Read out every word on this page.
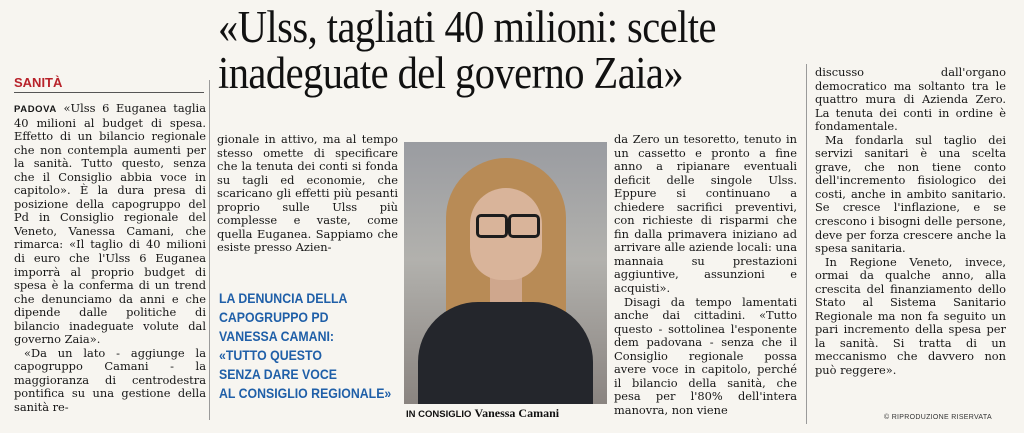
«Ulss, tagliati 40 milioni: scelte
inadeguate del governo Zaia»
SANITÀ

PADOVA «Ulss 6 Euganea taglia 40 milioni al budget di spesa. Effetto di un bilancio regionale che non contempla aumenti per la sanità. Tutto questo, senza che il Consiglio abbia voce in capitolo». È la dura presa di posizione della capogruppo del Pd in Consiglio regionale del Veneto, Vanessa Camani, che rimarca: «Il taglio di 40 milioni di euro che l'Ulss 6 Euganea imporrà al proprio budget di spesa è la conferma di un trend che denunciamo da anni e che dipende dalle politiche di bilancio inadeguate volute dal governo Zaia».

«Da un lato - aggiunge la capogruppo Camani - la maggioranza di centrodestra pontifica su una gestione della sanità re-

gionale in attivo, ma al tempo stesso omette di specificare che la tenuta dei conti si fonda su tagli ed economie, che scaricano gli effetti più pesanti proprio sulle Ulss più complesse e vaste, come quella Euganea. Sappiamo che esiste presso Azien-

LA DENUNCIA DELLA
CAPOGRUPPO PD
VANESSA CAMANI:
«TUTTO QUESTO
SENZA DARE VOCE
AL CONSIGLIO REGIONALE»
IN CONSIGLIO Vanessa Camani

da Zero un tesoretto, tenuto in un cassetto e pronto a fine anno a ripianare eventuali deficit delle singole Ulss. Eppure si continuano a chiedere sacrifici preventivi, con richieste di risparmi che fin dalla primavera iniziano ad arrivare alle aziende locali: una mannaia su prestazioni aggiuntive, assunzioni e acquisti».

Disagi da tempo lamentati anche dai cittadini. «Tutto questo - sottolinea l'esponente dem padovana - senza che il Consiglio regionale possa avere voce in capitolo, perché il bilancio della sanità, che pesa per l'80% dell'intera manovra, non viene

discusso dall'organo democratico ma soltanto tra le quattro mura di Azienda Zero. La tenuta dei conti in ordine è fondamentale.

Ma fondarla sul taglio dei servizi sanitari è una scelta grave, che non tiene conto dell'incremento fisiologico dei costi, anche in ambito sanitario. Se cresce l'inflazione, e se crescono i bisogni delle persone, deve per forza crescere anche la spesa sanitaria.

In Regione Veneto, invece, ormai da qualche anno, alla crescita del finanziamento dello Stato al Sistema Sanitario Regionale ma non fa seguito un pari incremento della spesa per la sanità. Si tratta di un meccanismo che davvero non può reggere».

© RIPRODUZIONE RISERVATA
